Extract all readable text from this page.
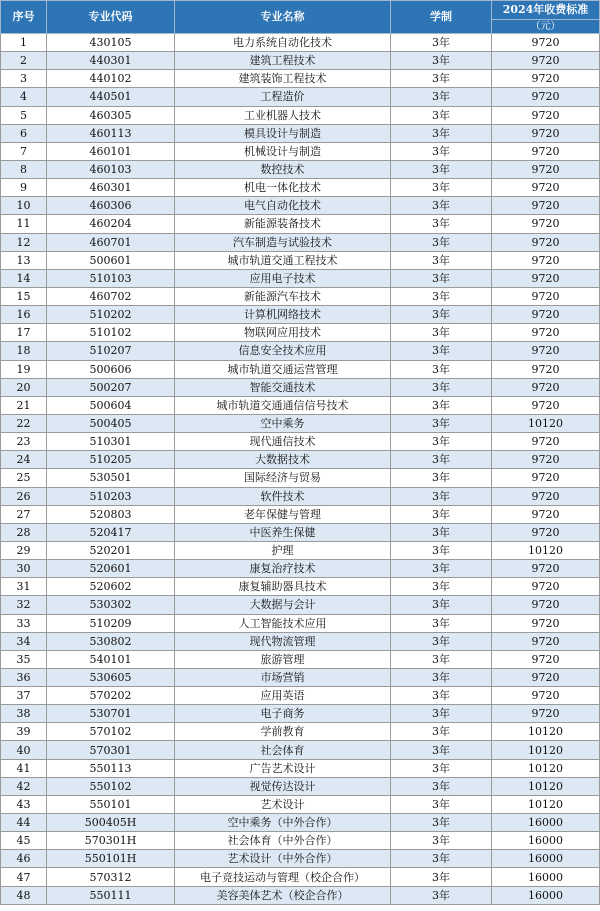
序号	专业代码	专业名称	学制	2024年收费标准
				（元）
1	430105	电力系统自动化技术	3年	9720
2	440301	建筑工程技术	3年	9720
3	440102	建筑装饰工程技术	3年	9720
4	440501	工程造价	3年	9720
5	460305	工业机器人技术	3年	9720
6	460113	模具设计与制造	3年	9720
7	460101	机械设计与制造	3年	9720
8	460103	数控技术	3年	9720
9	460301	机电一体化技术	3年	9720
10	460306	电气自动化技术	3年	9720
11	460204	新能源装备技术	3年	9720
12	460701	汽车制造与试验技术	3年	9720
13	500601	城市轨道交通工程技术	3年	9720
14	510103	应用电子技术	3年	9720
15	460702	新能源汽车技术	3年	9720
16	510202	计算机网络技术	3年	9720
17	510102	物联网应用技术	3年	9720
18	510207	信息安全技术应用	3年	9720
19	500606	城市轨道交通运营管理	3年	9720
20	500207	智能交通技术	3年	9720
21	500604	城市轨道交通通信信号技术	3年	9720
22	500405	空中乘务	3年	10120
23	510301	现代通信技术	3年	9720
24	510205	大数据技术	3年	9720
25	530501	国际经济与贸易	3年	9720
26	510203	软件技术	3年	9720
27	520803	老年保健与管理	3年	9720
28	520417	中医养生保健	3年	9720
29	520201	护理	3年	10120
30	520601	康复治疗技术	3年	9720
31	520602	康复辅助器具技术	3年	9720
32	530302	大数据与会计	3年	9720
33	510209	人工智能技术应用	3年	9720
34	530802	现代物流管理	3年	9720
35	540101	旅游管理	3年	9720
36	530605	市场营销	3年	9720
37	570202	应用英语	3年	9720
38	530701	电子商务	3年	9720
39	570102	学前教育	3年	10120
40	570301	社会体育	3年	10120
41	550113	广告艺术设计	3年	10120
42	550102	视觉传达设计	3年	10120
43	550101	艺术设计	3年	10120
44	500405H	空中乘务（中外合作）	3年	16000
45	570301H	社会体育（中外合作）	3年	16000
46	550101H	艺术设计（中外合作）	3年	16000
47	570312	电子竞技运动与管理（校企合作）	3年	16000
48	550111	美容美体艺术（校企合作）	3年	16000
